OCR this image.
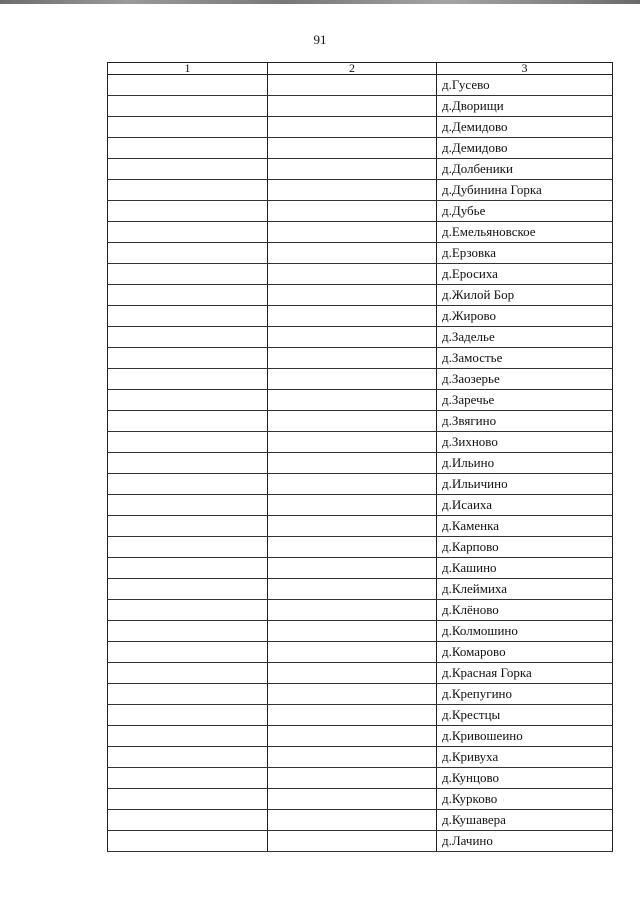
91
1	2	3
		д.Гусево
		д.Дворищи
		д.Демидово
		д.Демидово
		д.Долбеники
		д.Дубинина Горка
		д.Дубье
		д.Емельяновское
		д.Ерзовка
		д.Еросиха
		д.Жилой Бор
		д.Жирово
		д.Заделье
		д.Замостье
		д.Заозерье
		д.Заречье
		д.Звягино
		д.Зихново
		д.Ильино
		д.Ильичино
		д.Исаиха
		д.Каменка
		д.Карпово
		д.Кашино
		д.Клеймиха
		д.Клёново
		д.Колмошино
		д.Комарово
		д.Красная Горка
		д.Крепугино
		д.Крестцы
		д.Кривошеино
		д.Кривуха
		д.Кунцово
		д.Курково
		д.Кушавера
		д.Лачино
